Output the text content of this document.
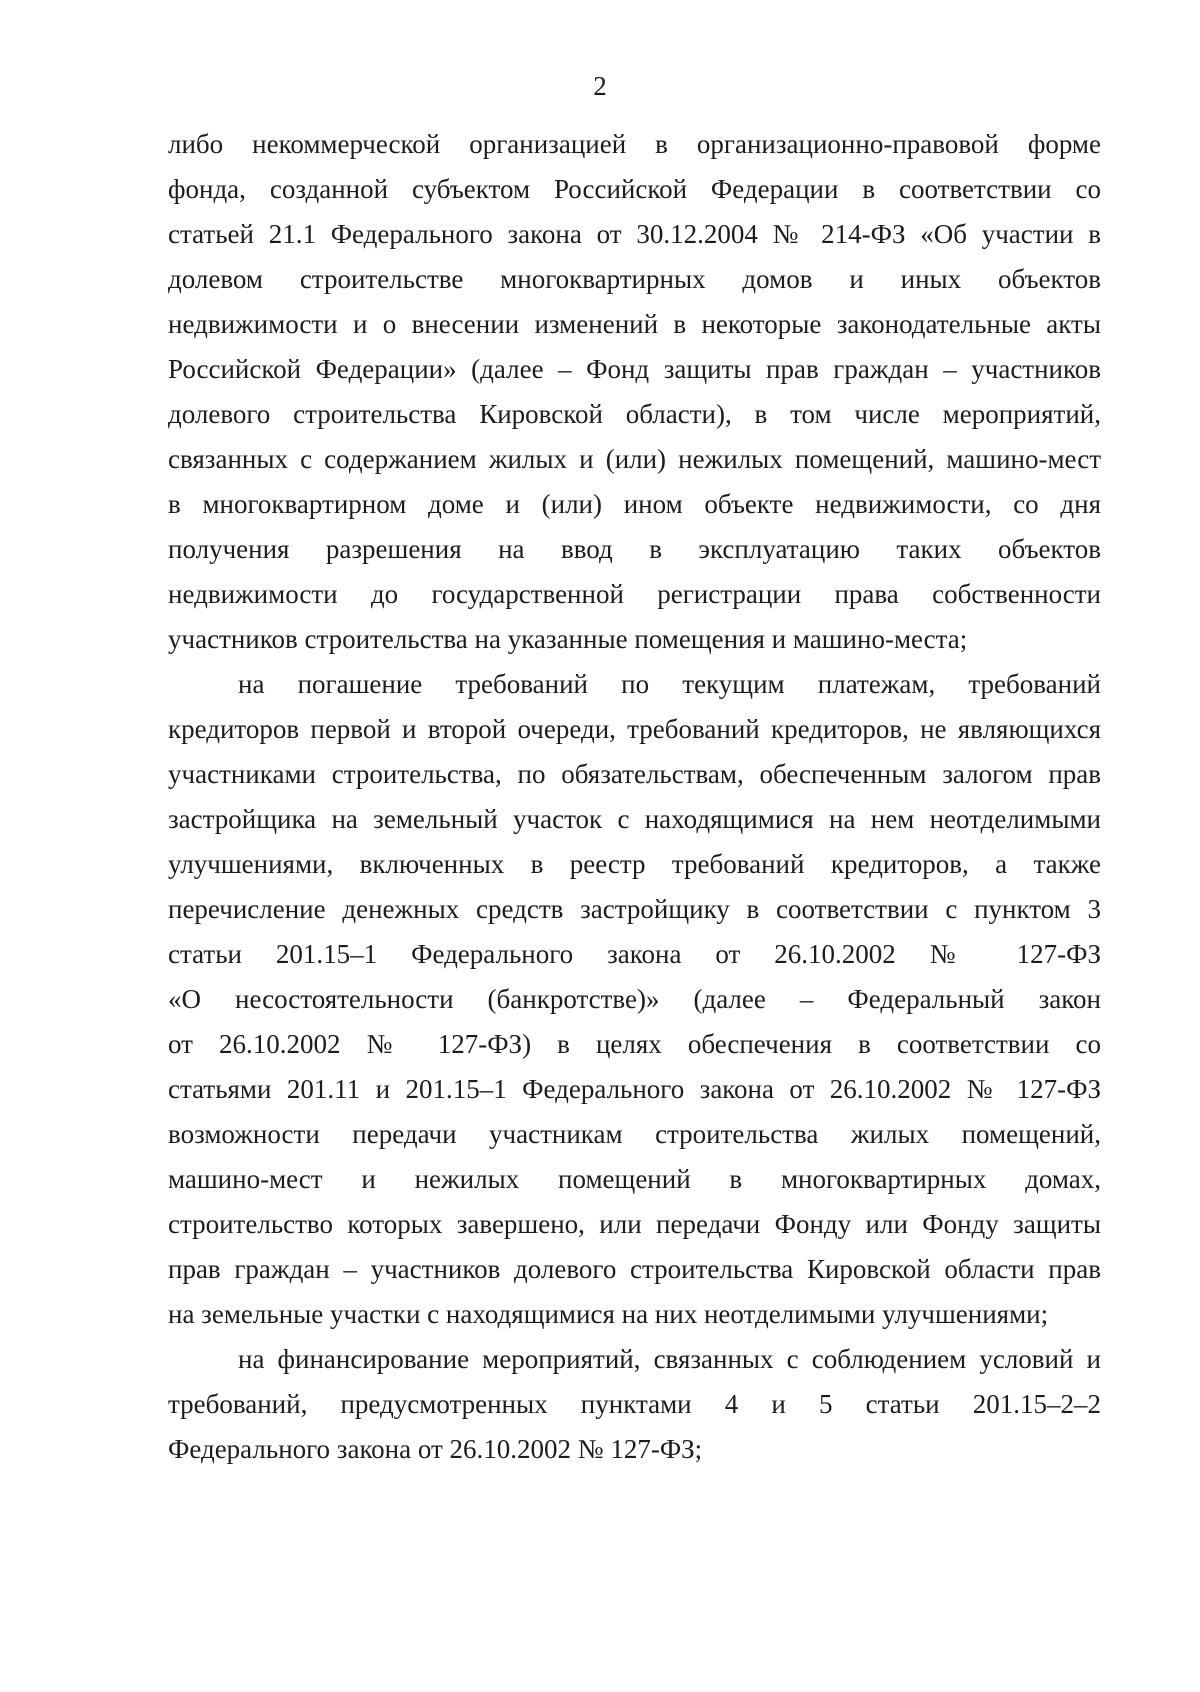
2
либо некоммерческой организацией в организационно-правовой форме
фонда, созданной субъектом Российской Федерации в соответствии со
статьей 21.1 Федерального закона от 30.12.2004 № 214-ФЗ «Об участии в
долевом строительстве многоквартирных домов и иных объектов
недвижимости и о внесении изменений в некоторые законодательные акты
Российской Федерации» (далее – Фонд защиты прав граждан – участников
долевого строительства Кировской области), в том числе мероприятий,
связанных с содержанием жилых и (или) нежилых помещений, машино-мест
в многоквартирном доме и (или) ином объекте недвижимости, со дня
получения разрешения на ввод в эксплуатацию таких объектов
недвижимости до государственной регистрации права собственности
участников строительства на указанные помещения и машино-места;
на погашение требований по текущим платежам, требований
кредиторов первой и второй очереди, требований кредиторов, не являющихся
участниками строительства, по обязательствам, обеспеченным залогом прав
застройщика на земельный участок с находящимися на нем неотделимыми
улучшениями, включенных в реестр требований кредиторов, а также
перечисление денежных средств застройщику в соответствии с пунктом 3
статьи 201.15–1 Федерального закона от 26.10.2002 № 127-ФЗ
«О несостоятельности (банкротстве)» (далее – Федеральный закон
от 26.10.2002 № 127-ФЗ) в целях обеспечения в соответствии со
статьями 201.11 и 201.15–1 Федерального закона от 26.10.2002 № 127-ФЗ
возможности передачи участникам строительства жилых помещений,
машино-мест и нежилых помещений в многоквартирных домах,
строительство которых завершено, или передачи Фонду или Фонду защиты
прав граждан – участников долевого строительства Кировской области прав
на земельные участки с находящимися на них неотделимыми улучшениями;
на финансирование мероприятий, связанных с соблюдением условий и
требований, предусмотренных пунктами 4 и 5 статьи 201.15–2–2
Федерального закона от 26.10.2002 № 127-ФЗ;
